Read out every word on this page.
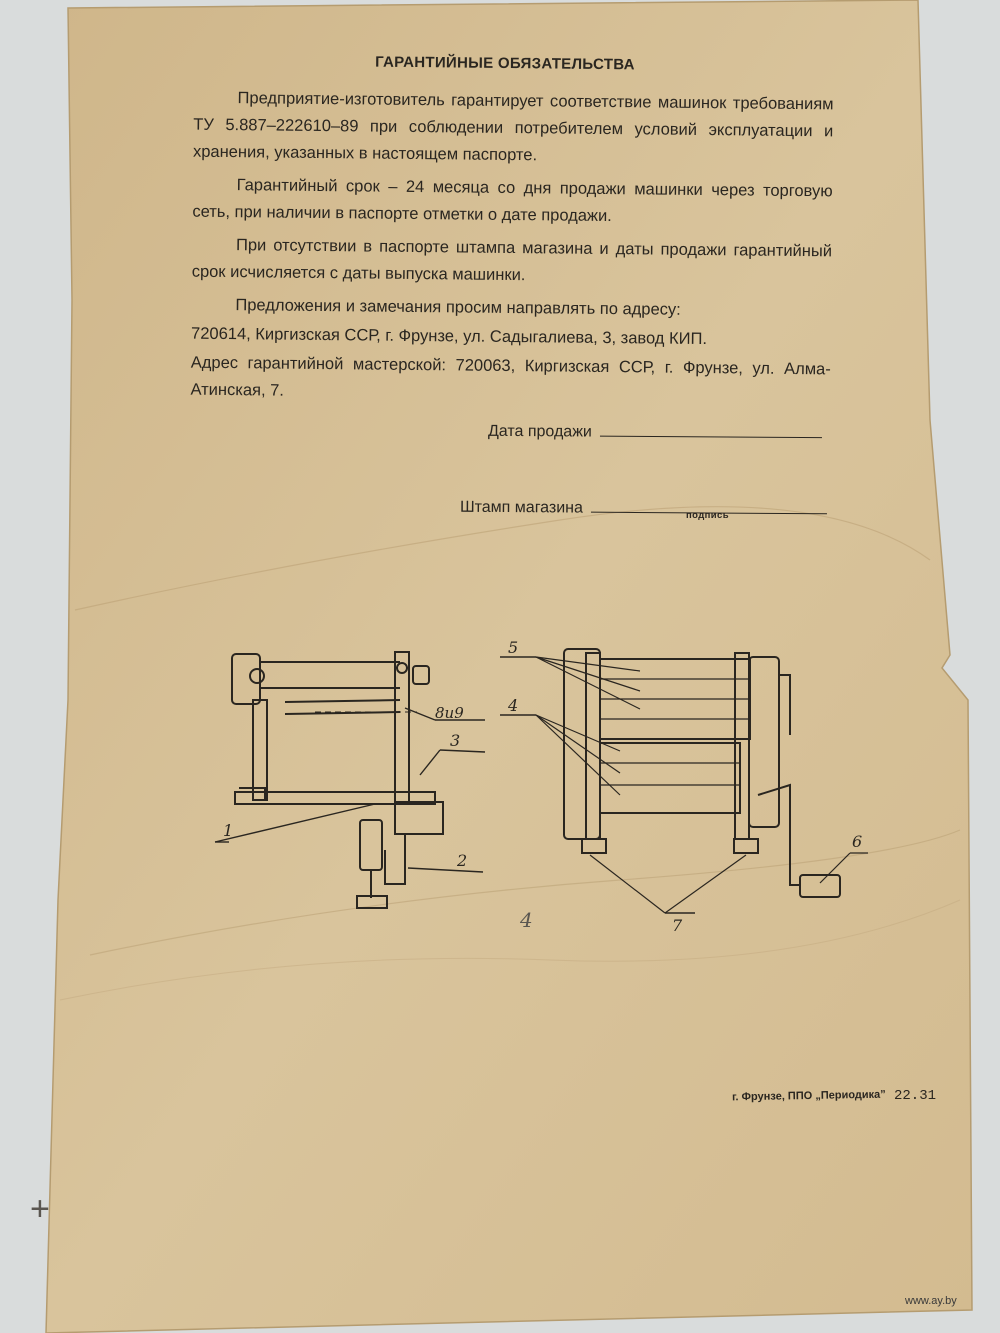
ГАРАНТИЙНЫЕ ОБЯЗАТЕЛЬСТВА

Предприятие-изготовитель гарантирует соответствие машинок требованиям ТУ 5.887–222610–89 при соблюдении потребителем условий эксплуатации и хранения, указанных в настоящем паспорте.

Гарантийный срок – 24 месяца со дня продажи машинки через торговую сеть, при наличии в паспорте отметки о дате продажи.

При отсутствии в паспорте штампа магазина и даты продажи гарантийный срок исчисляется с даты выпуска машинки.

Предложения и замечания просим направлять по адресу:

720614, Киргизская ССР, г. Фрунзе, ул. Садыгалиева, 3, завод КИП.

Адрес гарантийной мастерской: 720063, Киргизская ССР, г. Фрунзе, ул. Алма-Атинская, 7.

Дата продажи
Штамп магазина	подпись
1
2
3
8и9
5
4
6
7
4
+
г. Фрунзе, ППО „Периодика” 22.31
www.ay.by
